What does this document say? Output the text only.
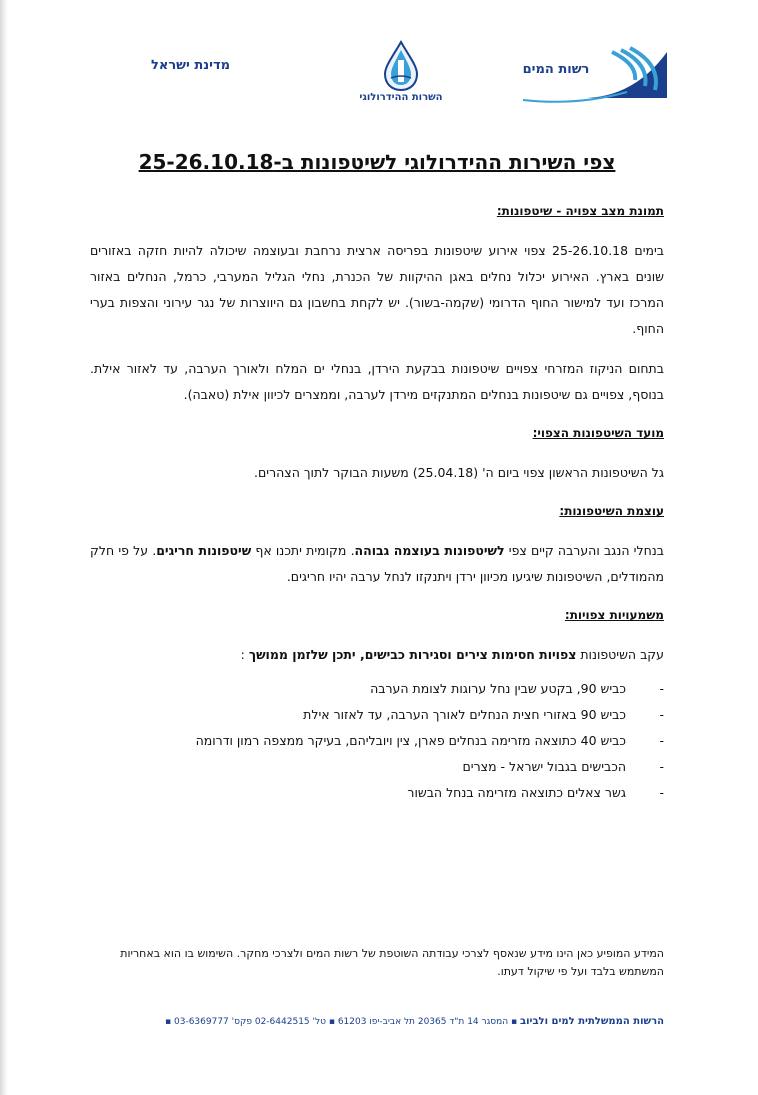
רשות המים
השרות ההידרולוגי
מדינת ישראל
צפי השירות ההידרולוגי לשיטפונות ב-25-26.10.18
תמונת מצב צפויה - שיטפונות:
בימים 25-26.10.18 צפוי אירוע שיטפונות בפריסה ארצית נרחבת ובעוצמה שיכולה להיות חזקה באזורים שונים בארץ. האירוע יכלול נחלים באגן ההיקוות של הכנרת, נחלי הגליל המערבי, כרמל, הנחלים באזור המרכז ועד למישור החוף הדרומי (שקמה-בשור). יש לקחת בחשבון גם היווצרות של נגר עירוני והצפות בערי החוף.
בתחום הניקוז המזרחי צפויים שיטפונות בבקעת הירדן, בנחלי ים המלח ולאורך הערבה, עד לאזור אילת. בנוסף, צפויים גם שיטפונות בנחלים המתנקזים מירדן לערבה, וממצרים לכיוון אילת (טאבה).
מועד השיטפונות הצפוי:
גל השיטפונות הראשון צפוי ביום ה' (25.04.18) משעות הבוקר לתוך הצהרים.
עוצמת השיטפונות:
בנחלי הנגב והערבה קיים צפי לשיטפונות בעוצמה גבוהה. מקומית יתכנו אף שיטפונות חריגים. על פי חלק מהמודלים, השיטפונות שיגיעו מכיוון ירדן ויתנקזו לנחל ערבה יהיו חריגים.
משמעויות צפויות:
עקב השיטפונות צפויות חסימות צירים וסגירות כבישים, יתכן שלזמן ממושך :
-
כביש 90, בקטע שבין נחל ערוגות לצומת הערבה
-
כביש 90 באזורי חצית הנחלים לאורך הערבה, עד לאזור אילת
-
כביש 40 כתוצאה מזרימה בנחלים פארן, צין ויובליהם, בעיקר ממצפה רמון ודרומה
-
הכבישים בגבול ישראל - מצרים
-
גשר צאלים כתוצאה מזרימה בנחל הבשור
המידע המופיע כאן הינו מידע שנאסף לצרכי עבודתה השוטפת של רשות המים ולצרכי מחקר. השימוש בו הוא באחריות המשתמש בלבד ועל פי שיקול דעתו.
הרשות הממשלתית למים ולביוב ▪ המסגר 14 ת"ד 20365 תל אביב-יפו 61203 ▪ טל' 02-6442515 פקס' 03-6369777 ▪
